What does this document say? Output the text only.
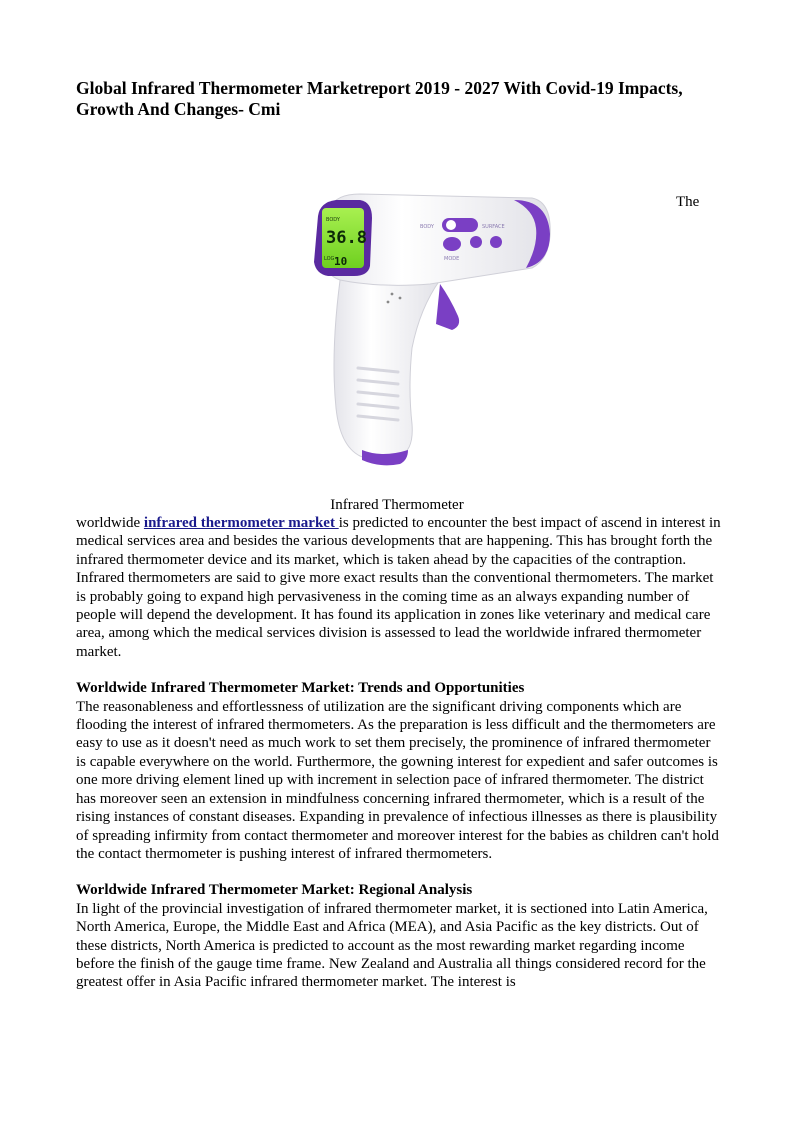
Global Infrared Thermometer Marketreport 2019 - 2027 With Covid-19 Impacts, Growth And Changes- Cmi
The
BODY
36.8
LOG 10
BODY	SURFACE
MODE
Infrared Thermometer

worldwide infrared thermometer market is predicted to encounter the best impact of ascend in interest in medical services area and besides the various developments that are happening. This has brought forth the infrared thermometer device and its market, which is taken ahead by the capacities of the contraption. Infrared thermometers are said to give more exact results than the conventional thermometers. The market is probably going to expand high pervasiveness in the coming time as an always expanding number of people will depend the development. It has found its application in zones like veterinary and medical care area, among which the medical services division is assessed to lead the worldwide infrared thermometer market.

Worldwide Infrared Thermometer Market: Trends and Opportunities

The reasonableness and effortlessness of utilization are the significant driving components which are flooding the interest of infrared thermometers. As the preparation is less difficult and the thermometers are easy to use as it doesn't need as much work to set them precisely, the prominence of infrared thermometer is capable everywhere on the world. Furthermore, the gowning interest for expedient and safer outcomes is one more driving element lined up with increment in selection pace of infrared thermometer. The district has moreover seen an extension in mindfulness concerning infrared thermometer, which is a result of the rising instances of constant diseases. Expanding in prevalence of infectious illnesses as there is plausibility of spreading infirmity from contact thermometer and moreover interest for the babies as children can't hold the contact thermometer is pushing interest of infrared thermometers.

Worldwide Infrared Thermometer Market: Regional Analysis

In light of the provincial investigation of infrared thermometer market, it is sectioned into Latin America, North America, Europe, the Middle East and Africa (MEA), and Asia Pacific as the key districts. Out of these districts, North America is predicted to account as the most rewarding market regarding income before the finish of the gauge time frame. New Zealand and Australia all things considered record for the greatest offer in Asia Pacific infrared thermometer market. The interest is
